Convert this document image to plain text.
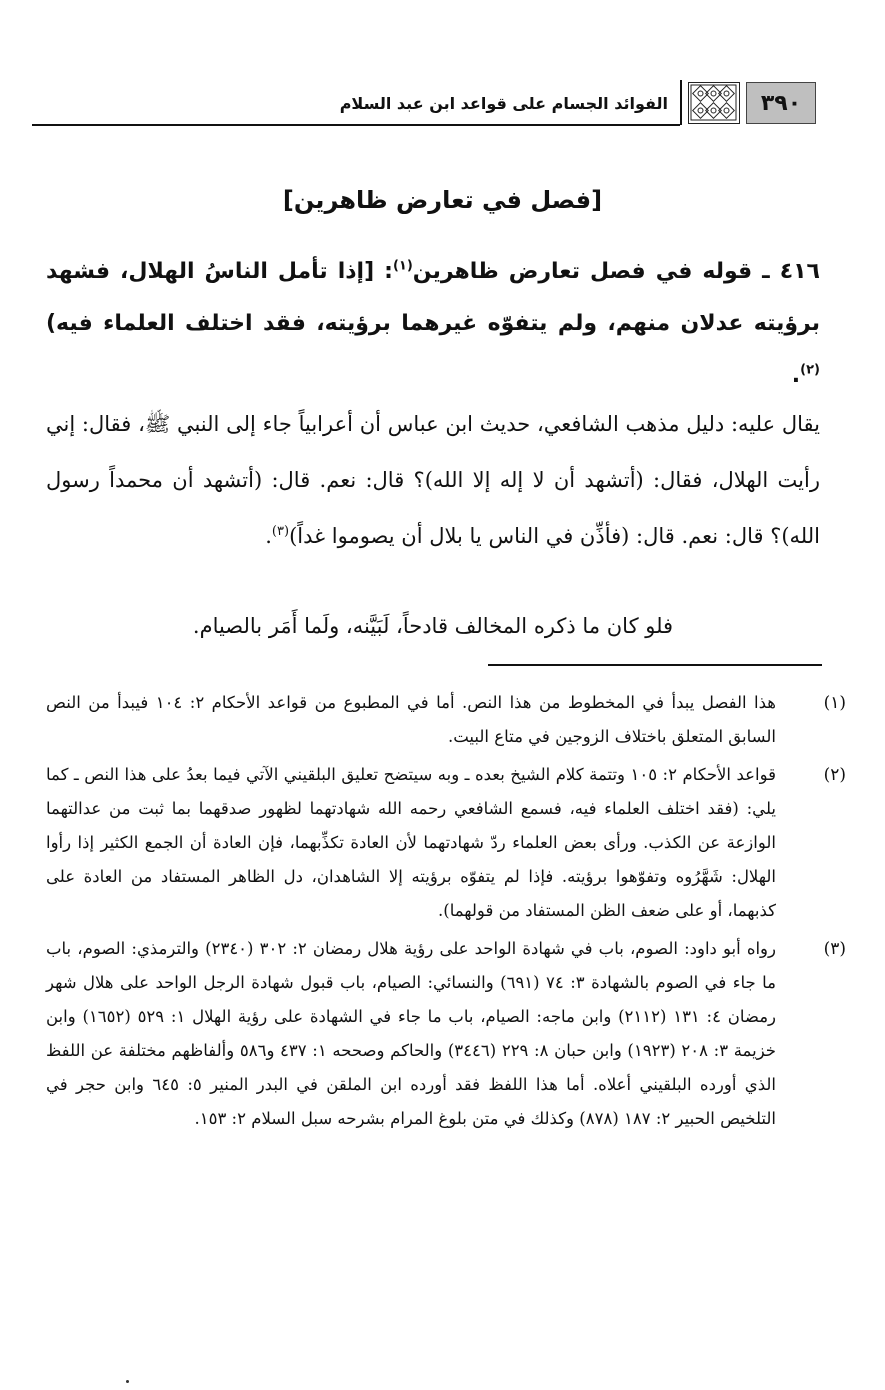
الفوائد الجسام على قواعد ابن عبد السلام	٣٩٠
[فصل في تعارض ظاهرين]

٤١٦ ـ قوله في فصل تعارض ظاهرين$^{(١)}$: [إذا تأمل الناسُ الهلال، فشهد برؤيته عدلان منهم، ولم يتفوّه غيرهما برؤيته، فقد اختلف العلماء فيه)$^{(٢)}$.

يقال عليه: دليل مذهب الشافعي، حديث ابن عباس أن أعرابياً جاء إلى النبي ﷺ، فقال: إني رأيت الهلال، فقال: (أتشهد أن لا إله إلا الله)؟ قال: نعم. قال: (أتشهد أن محمداً رسول الله)؟ قال: نعم. قال: (فأذِّن في الناس يا بلال أن يصوموا غداً)$^{(٣)}$.

فلو كان ما ذكره المخالف قادحاً، لَبَيَّنه، ولَما أَمَر بالصيام.

(١)
هذا الفصل يبدأ في المخطوط من هذا النص. أما في المطبوع من قواعد الأحكام ٢: ١٠٤ فيبدأ من النص السابق المتعلق باختلاف الزوجين في متاع البيت.
(٢)
قواعد الأحكام ٢: ١٠٥ وتتمة كلام الشيخ بعده ـ وبه سيتضح تعليق البلقيني الآتي فيما بعدُ على هذا النص ـ كما يلي: (فقد اختلف العلماء فيه، فسمع الشافعي رحمه الله شهادتهما لظهور صدقهما بما ثبت من عدالتهما الوازعة عن الكذب. ورأى بعض العلماء ردّ شهادتهما لأن العادة تكذِّبهما، فإن العادة أن الجمع الكثير إذا رأوا الهلال: شَهَّرُوه وتفوّهوا برؤيته. فإذا لم يتفوّه برؤيته إلا الشاهدان، دل الظاهر المستفاد من العادة على كذبهما، أو على ضعف الظن المستفاد من قولهما).
(٣)
رواه أبو داود: الصوم، باب في شهادة الواحد على رؤية هلال رمضان ٢: ٣٠٢ (٢٣٤٠) والترمذي: الصوم، باب ما جاء في الصوم بالشهادة ٣: ٧٤ (٦٩١) والنسائي: الصيام، باب قبول شهادة الرجل الواحد على هلال شهر رمضان ٤: ١٣١ (٢١١٢) وابن ماجه: الصيام، باب ما جاء في الشهادة على رؤية الهلال ١: ٥٢٩ (١٦٥٢) وابن خزيمة ٣: ٢٠٨ (١٩٢٣) وابن حبان ٨: ٢٢٩ (٣٤٤٦) والحاكم وصححه ١: ٤٣٧ و٥٨٦ وألفاظهم مختلفة عن اللفظ الذي أورده البلقيني أعلاه. أما هذا اللفظ فقد أورده ابن الملقن في البدر المنير ٥: ٦٤٥ وابن حجر في التلخيص الحبير ٢: ١٨٧ (٨٧٨) وكذلك في متن بلوغ المرام بشرحه سبل السلام ٢: ١٥٣.
